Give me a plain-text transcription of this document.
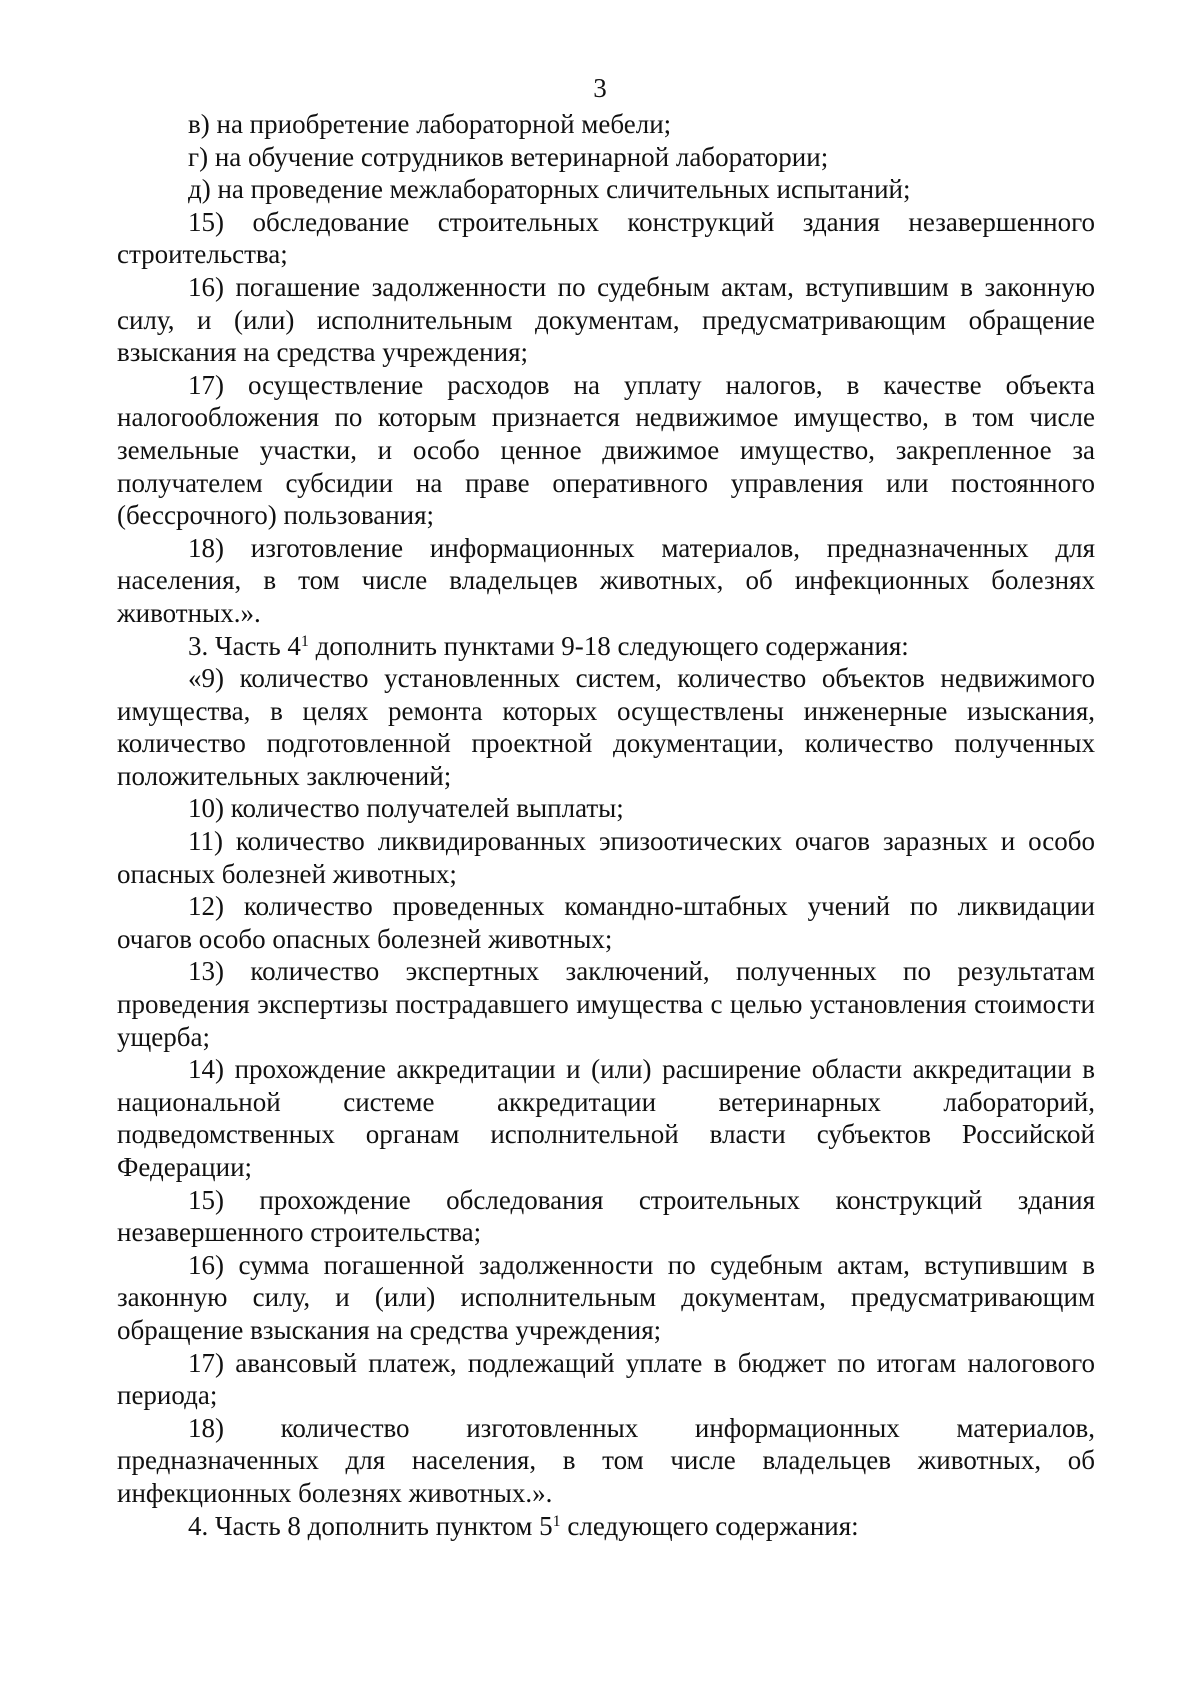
3

в) на приобретение лабораторной мебели;

г) на обучение сотрудников ветеринарной лаборатории;

д) на проведение межлабораторных сличительных испытаний;

15) обследование строительных конструкций здания незавершенного строительства;

16) погашение задолженности по судебным актам, вступившим в законную силу, и (или) исполнительным документам, предусматривающим обращение взыскания на средства учреждения;

17) осуществление расходов на уплату налогов, в качестве объекта налогообложения по которым признается недвижимое имущество, в том числе земельные участки, и особо ценное движимое имущество, закрепленное за получателем субсидии на праве оперативного управления или постоянного (бессрочного) пользования;

18) изготовление информационных материалов, предназначенных для населения, в том числе владельцев животных, об инфекционных болезнях животных.».

3. Часть $4^1$ дополнить пунктами 9-18 следующего содержания:

«9) количество установленных систем, количество объектов недвижимого имущества, в целях ремонта которых осуществлены инженерные изыскания, количество подготовленной проектной документации, количество полученных положительных заключений;

10) количество получателей выплаты;

11) количество ликвидированных эпизоотических очагов заразных и особо опасных болезней животных;

12) количество проведенных командно-штабных учений по ликвидации очагов особо опасных болезней животных;

13) количество экспертных заключений, полученных по результатам проведения экспертизы пострадавшего имущества с целью установления стоимости ущерба;

14) прохождение аккредитации и (или) расширение области аккредитации в национальной системе аккредитации ветеринарных лабораторий, подведомственных органам исполнительной власти субъектов Российской Федерации;

15) прохождение обследования строительных конструкций здания незавершенного строительства;

16) сумма погашенной задолженности по судебным актам, вступившим в законную силу, и (или) исполнительным документам, предусматривающим обращение взыскания на средства учреждения;

17) авансовый платеж, подлежащий уплате в бюджет по итогам налогового периода;

18) количество изготовленных информационных материалов, предназначенных для населения, в том числе владельцев животных, об инфекционных болезнях животных.».

4. Часть 8 дополнить пунктом $5^1$ следующего содержания:
